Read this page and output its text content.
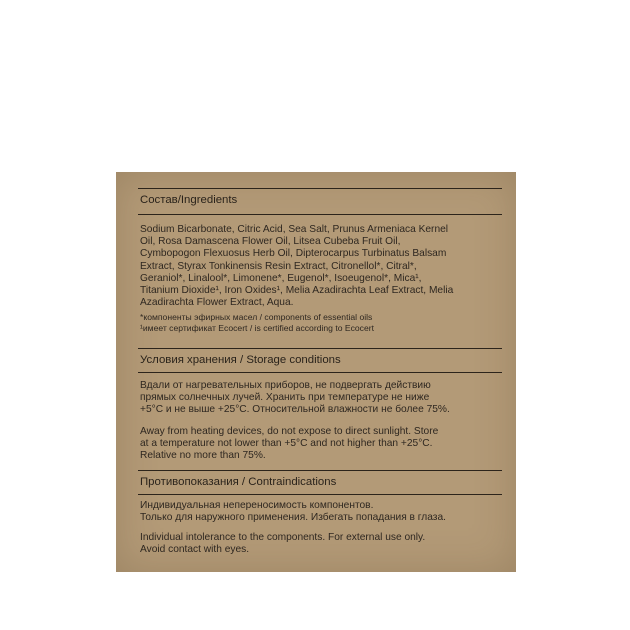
Состав/Ingredients
Sodium Bicarbonate, Citric Acid, Sea Salt, Prunus Armeniaca Kernel
Oil, Rosa Damascena Flower Oil, Litsea Cubeba Fruit Oil,
Cymbopogon Flexuosus Herb Oil, Dipterocarpus Turbinatus Balsam
Extract, Styrax Tonkinensis Resin Extract, Citronellol*, Citral*,
Geraniol*, Linalool*, Limonene*, Eugenol*, Isoeugenol*, Mica¹,
Titanium Dioxide¹, Iron Oxides¹, Melia Azadirachta Leaf Extract, Melia
Azadirachta Flower Extract, Aqua.
*компоненты эфирных масел / components of essential oils
¹имеет сертификат Ecocert / is certified according to Ecocert
Условия хранения / Storage conditions
Вдали от нагревательных приборов, не подвергать действию
прямых солнечных лучей. Хранить при температуре не ниже
+5°С и не выше +25°С. Относительной влажности не более 75%.
Away from heating devices, do not expose to direct sunlight. Store
at a temperature not lower than +5°C and not higher than +25°C.
Relative no more than 75%.
Противопоказания / Contraindications
Индивидуальная непереносимость компонентов.
Только для наружного применения. Избегать попадания в глаза.
Individual intolerance to the components. For external use only.
Avoid contact with eyes.
